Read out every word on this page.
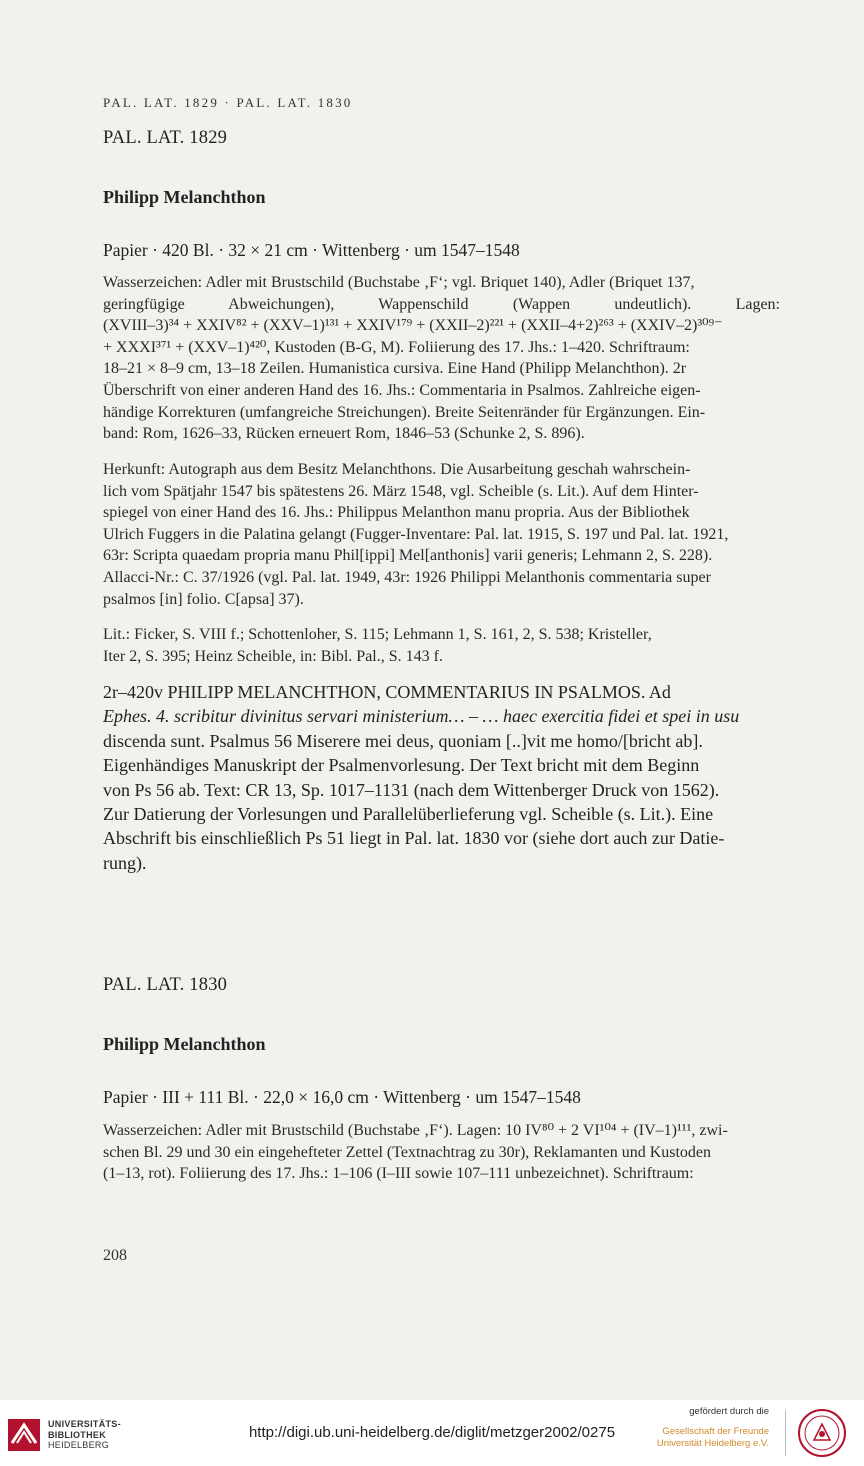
PAL. LAT. 1829 · PAL. LAT. 1830
PAL. LAT. 1829
Philipp Melanchthon
Papier · 420 Bl. · 32 × 21 cm · Wittenberg · um 1547–1548
Wasserzeichen: Adler mit Brustschild (Buchstabe ‚F‘; vgl. Briquet 140), Adler (Briquet 137,
geringfügige Abweichungen), Wappenschild (Wappen undeutlich). Lagen:
(XVIII–3)³⁴ + XXIV⁸² + (XXV–1)¹³¹ + XXIV¹⁷⁹ + (XXII–2)²²¹ + (XXII–4+2)²⁶³ + (XXIV–2)³⁰⁹⁻
+ XXXI³⁷¹ + (XXV–1)⁴²⁰, Kustoden (B-G, M). Foliierung des 17. Jhs.: 1–420. Schriftraum:
18–21 × 8–9 cm, 13–18 Zeilen. Humanistica cursiva. Eine Hand (Philipp Melanchthon). 2r
Überschrift von einer anderen Hand des 16. Jhs.: Commentaria in Psalmos. Zahlreiche eigen-
händige Korrekturen (umfangreiche Streichungen). Breite Seitenränder für Ergänzungen. Ein-
band: Rom, 1626–33, Rücken erneuert Rom, 1846–53 (Schunke 2, S. 896).
Herkunft: Autograph aus dem Besitz Melanchthons. Die Ausarbeitung geschah wahrschein-
lich vom Spätjahr 1547 bis spätestens 26. März 1548, vgl. Scheible (s. Lit.). Auf dem Hinter-
spiegel von einer Hand des 16. Jhs.: Philippus Melanthon manu propria. Aus der Bibliothek
Ulrich Fuggers in die Palatina gelangt (Fugger-Inventare: Pal. lat. 1915, S. 197 und Pal. lat. 1921,
63r: Scripta quaedam propria manu Phil[ippi] Mel[anthonis] varii generis; Lehmann 2, S. 228).
Allacci-Nr.: C. 37/1926 (vgl. Pal. lat. 1949, 43r: 1926 Philippi Melanthonis commentaria super
psalmos [in] folio. C[apsa] 37).
Lit.: Ficker, S. VIII f.; Schottenloher, S. 115; Lehmann 1, S. 161, 2, S. 538; Kristeller,
Iter 2, S. 395; Heinz Scheible, in: Bibl. Pal., S. 143 f.
2r–420v PHILIPP MELANCHTHON, COMMENTARIUS IN PSALMOS. Ad
Ephes. 4. scribitur divinitus servari ministerium… – … haec exercitia fidei et spei in usu
discenda sunt. Psalmus 56 Miserere mei deus, quoniam [..]vit me homo/[bricht ab].
Eigenhändiges Manuskript der Psalmenvorlesung. Der Text bricht mit dem Beginn
von Ps 56 ab. Text: CR 13, Sp. 1017–1131 (nach dem Wittenberger Druck von 1562).
Zur Datierung der Vorlesungen und Parallelüberlieferung vgl. Scheible (s. Lit.). Eine
Abschrift bis einschließlich Ps 51 liegt in Pal. lat. 1830 vor (siehe dort auch zur Datie-
rung).
PAL. LAT. 1830
Philipp Melanchthon
Papier · III + 111 Bl. · 22,0 × 16,0 cm · Wittenberg · um 1547–1548
Wasserzeichen: Adler mit Brustschild (Buchstabe ‚F‘). Lagen: 10 IV⁸⁰ + 2 VI¹⁰⁴ + (IV–1)¹¹¹, zwi-
schen Bl. 29 und 30 ein eingehefteter Zettel (Textnachtrag zu 30r), Reklamanten und Kustoden
(1–13, rot). Foliierung des 17. Jhs.: 1–106 (I–III sowie 107–111 unbezeichnet). Schriftraum:
208
UNIVERSITÄTS-
BIBLIOTHEK
HEIDELBERG
http://digi.ub.uni-heidelberg.de/diglit/metzger2002/0275
gefördert durch die
Gesellschaft der Freunde
Universität Heidelberg e.V.
